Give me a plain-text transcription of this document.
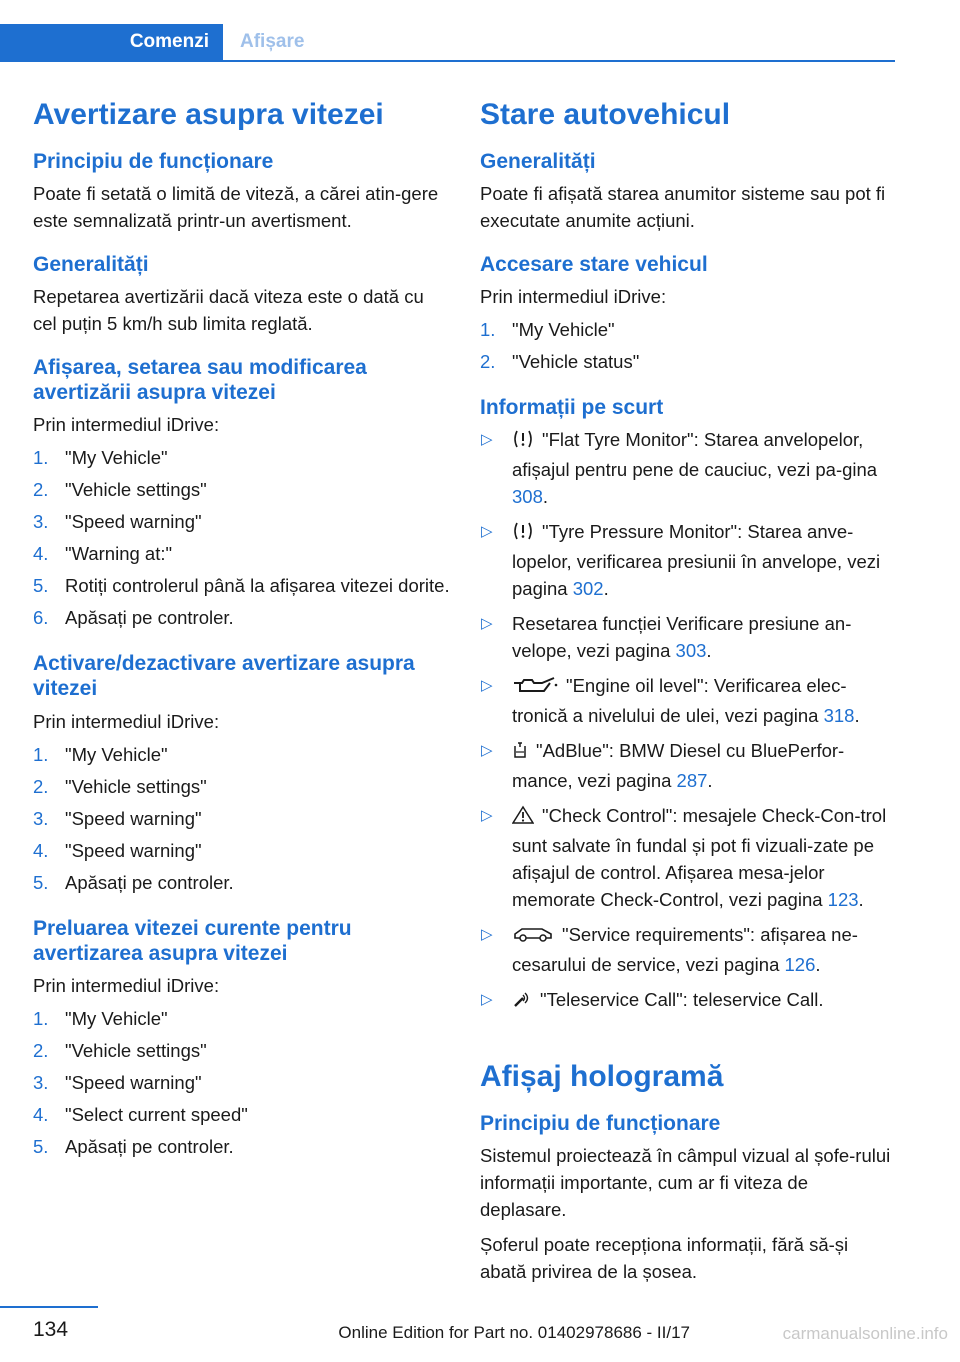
Comenzi	Afișare
Avertizare asupra vitezei
Principiu de funcționare

Poate fi setată o limită de viteză, a cărei atin-gere este semnalizată printr-un avertisment.

Generalități

Repetarea avertizării dacă viteza este o dată cu cel puțin 5 km/h sub limita reglată.

Afișarea, setarea sau modificarea avertizării asupra vitezei

Prin intermediul iDrive:

1. "My Vehicle"
2. "Vehicle settings"
3. "Speed warning"
4. "Warning at:"
5. Rotiți controlerul până la afișarea vitezei dorite.
6. Apăsați pe controler.
Activare/dezactivare avertizare asupra vitezei

Prin intermediul iDrive:

1. "My Vehicle"
2. "Vehicle settings"
3. "Speed warning"
4. "Speed warning"
5. Apăsați pe controler.
Preluarea vitezei curente pentru avertizarea asupra vitezei

Prin intermediul iDrive:

1. "My Vehicle"
2. "Vehicle settings"
3. "Speed warning"
4. "Select current speed"
5. Apăsați pe controler.
Stare autovehicul
Generalități

Poate fi afișată starea anumitor sisteme sau pot fi executate anumite acțiuni.

Accesare stare vehicul

Prin intermediul iDrive:

1. "My Vehicle"
2. "Vehicle status"
Informații pe scurt
▷	"Flat Tyre Monitor": Starea anvelopelor, afișajul pentru pene de cauciuc, vezi pa-gina 308.
▷	"Tyre Pressure Monitor": Starea anve-lopelor, verificarea presiunii în anvelope, vezi pagina 302.
▷ Resetarea funcției Verificare presiune an-velope, vezi pagina 303.
▷	"Engine oil level": Verificarea elec-tronică a nivelului de ulei, vezi pagina 318.
▷ "AdBlue": BMW Diesel cu BluePerfor-mance, vezi pagina 287.
▷	"Check Control": mesajele Check-Con-trol sunt salvate în fundal și pot fi vizuali-zate pe afișajul de control. Afișarea mesa-jelor memorate Check-Control, vezi pagina 123.
▷	"Service requirements": afișarea ne-cesarului de service, vezi pagina 126.
▷	"Teleservice Call": teleservice Call.
Afișaj hologramă
Principiu de funcționare

Sistemul proiectează în câmpul vizual al șofe-rului informații importante, cum ar fi viteza de deplasare.

Șoferul poate recepționa informații, fără să-și abată privirea de la șosea.

134	Online Edition for Part no. 01402978686 - II/17	carmanualsonline.info
